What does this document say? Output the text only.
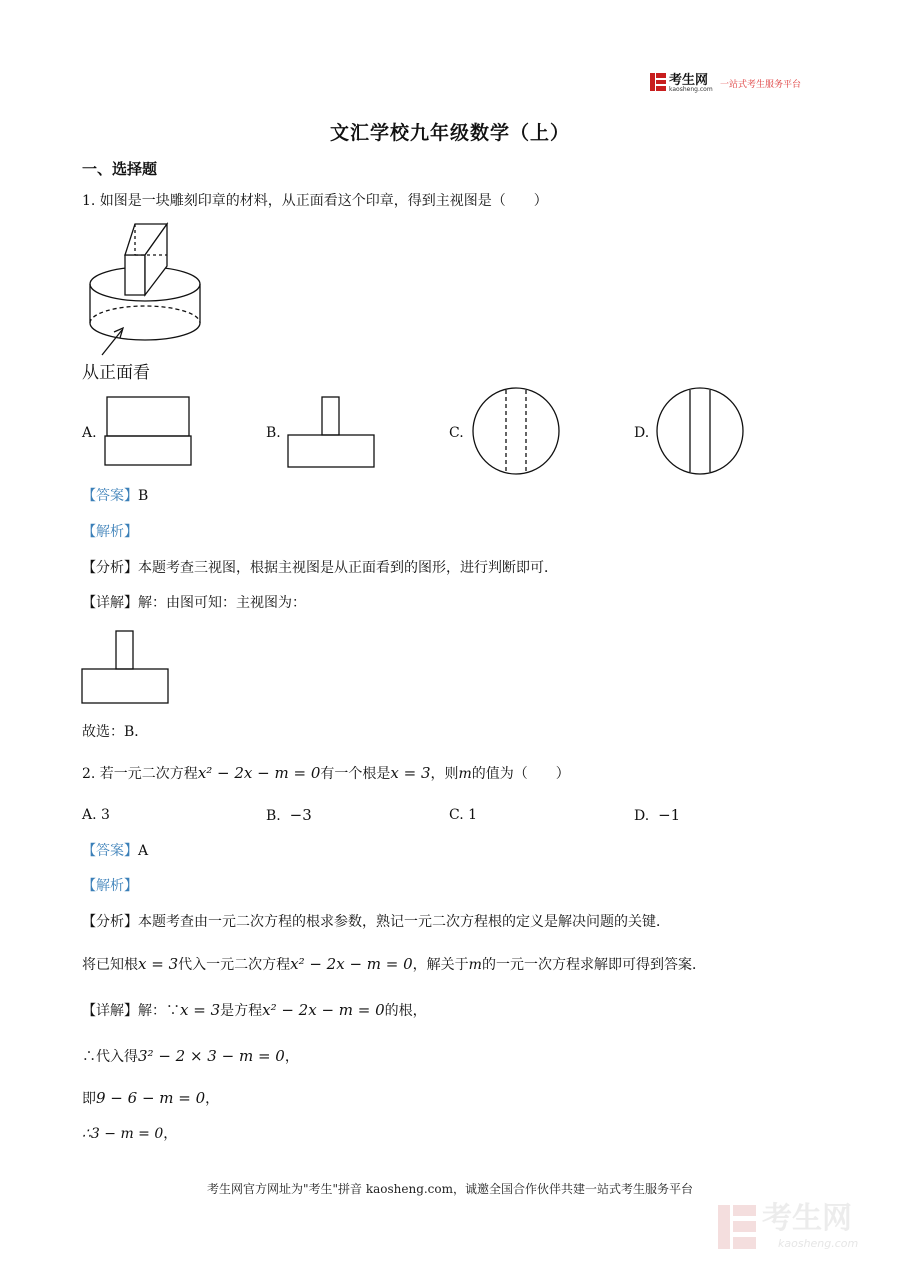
考生网
kaosheng.com 一站式考生服务平台
文汇学校九年级数学（上）
一、选择题
1. 如图是一块雕刻印章的材料，从正面看这个印章，得到主视图是（　　）
从正面看
A.	B.	C.	D.
【答案】B
【解析】
【分析】本题考查三视图，根据主视图是从正面看到的图形，进行判断即可．
【详解】解：由图可知：主视图为：
故选：B．
2. 若一元二次方程x² − 2x − m = 0有一个根是x = 3，则m的值为（　　）
A. 3	B. −3	C. 1	D. −1
【答案】A
【解析】
【分析】本题考查由一元二次方程的根求参数，熟记一元二次方程根的定义是解决问题的关键．
将已知根x = 3代入一元二次方程x² − 2x − m = 0，解关于m的一元一次方程求解即可得到答案．
【详解】解：∵x = 3是方程x² − 2x − m = 0的根，
∴代入得3² − 2 × 3 − m = 0，
即9 − 6 − m = 0，
∴3 − m = 0，
考生网官方网址为"考生"拼音 kaosheng.com，诚邀全国合作伙伴共建一站式考生服务平台
考生网
kaosheng.com
